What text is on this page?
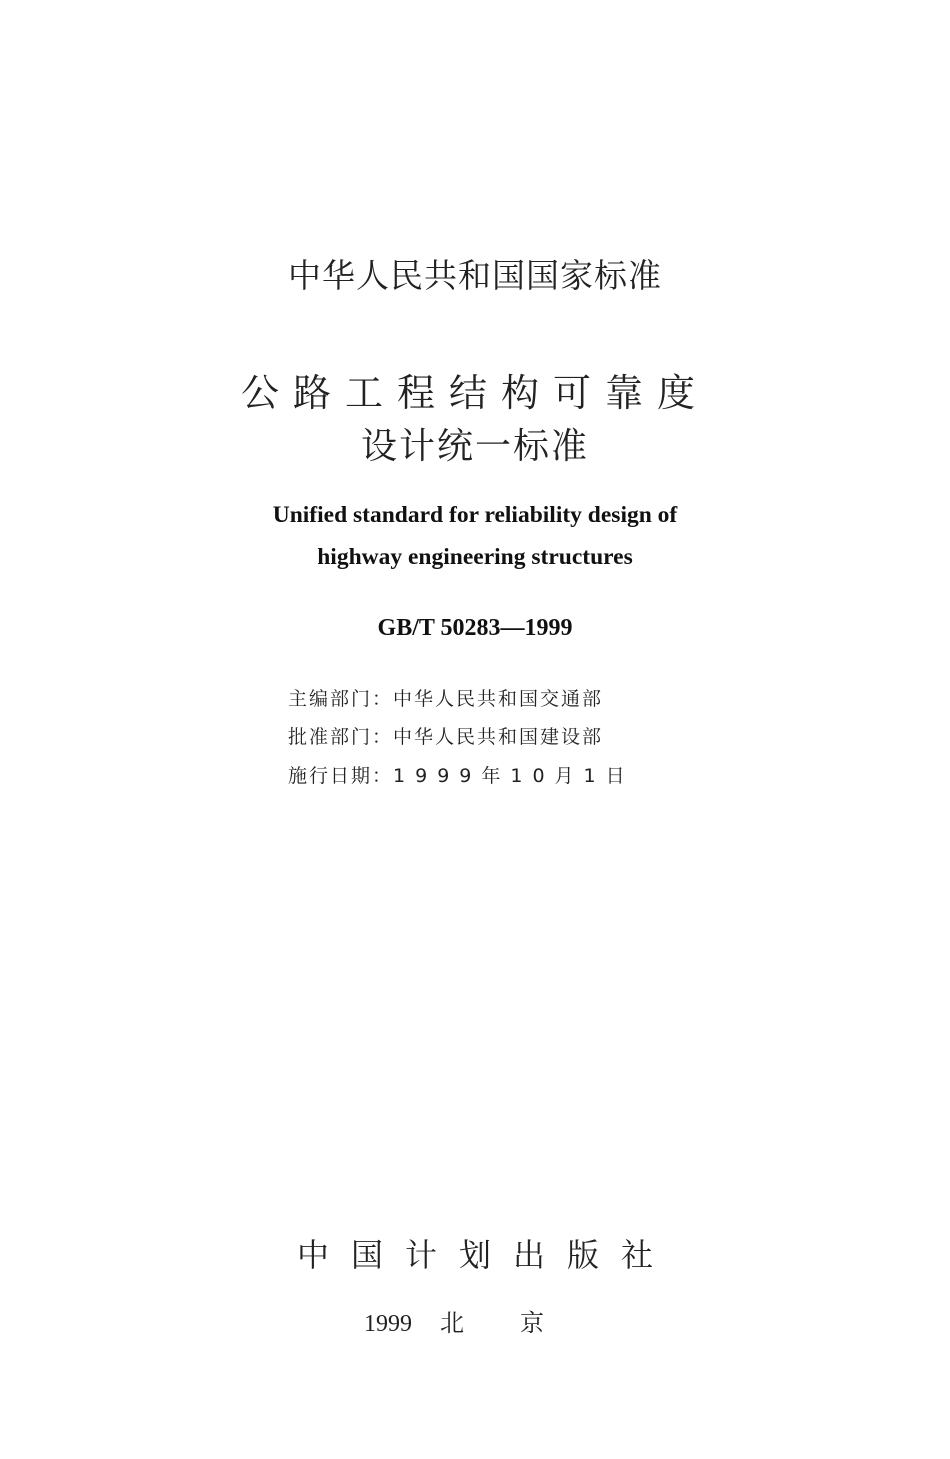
中华人民共和国国家标准
公路工程结构可靠度
设计统一标准
Unified standard for reliability design of
highway engineering structures
GB/T 50283—1999
主编部门：中华人民共和国交通部
批准部门：中华人民共和国建设部
施行日期：1999年10月1日
中国计划出版社
1999 北京
